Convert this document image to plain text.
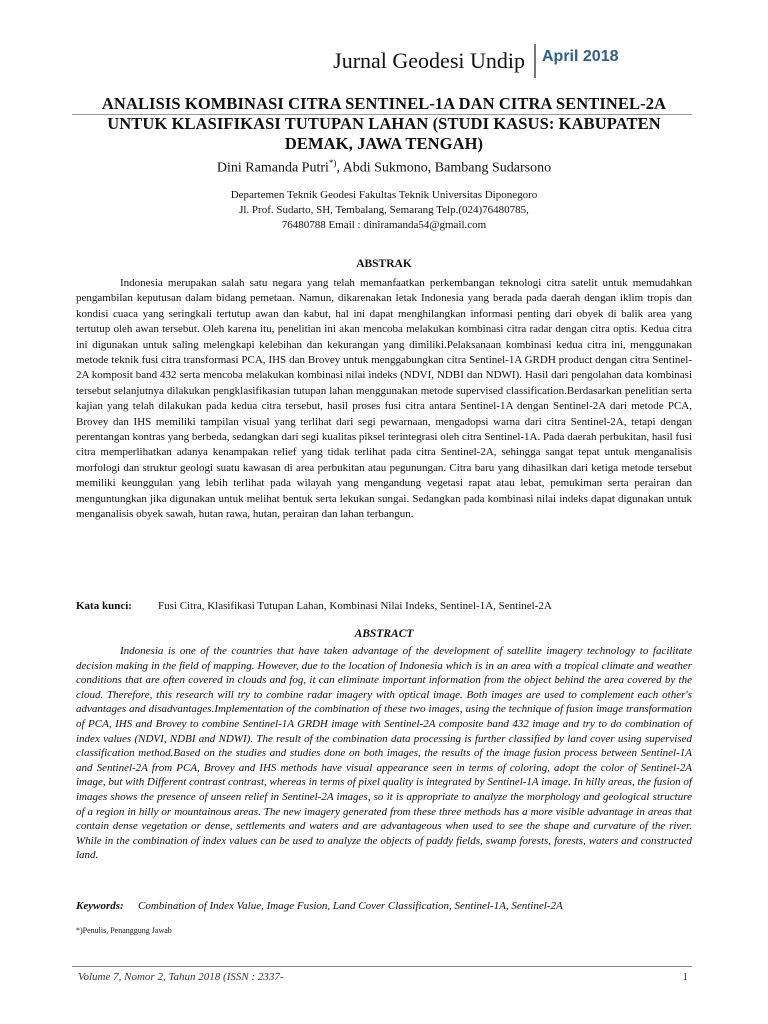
Jurnal Geodesi Undip April 2018
ANALISIS KOMBINASI CITRA SENTINEL-1A DAN CITRA SENTINEL-2A UNTUK KLASIFIKASI TUTUPAN LAHAN (STUDI KASUS: KABUPATEN DEMAK, JAWA TENGAH)
Dini Ramanda Putri*), Abdi Sukmono, Bambang Sudarsono
Departemen Teknik Geodesi Fakultas Teknik Universitas Diponegoro
Jl. Prof. Sudarto, SH, Tembalang, Semarang Telp.(024)76480785,
76480788 Email : diniramanda54@gmail.com
ABSTRAK
Indonesia merupakan salah satu negara yang telah memanfaatkan perkembangan teknologi citra satelit untuk memudahkan pengambilan keputusan dalam bidang pemetaan. Namun, dikarenakan letak Indonesia yang berada pada daerah dengan iklim tropis dan kondisi cuaca yang seringkali tertutup awan dan kabut, hal ini dapat menghilangkan informasi penting dari obyek di balik area yang tertutup oleh awan tersebut. Oleh karena itu, penelitian ini akan mencoba melakukan kombinasi citra radar dengan citra optis. Kedua citra ini digunakan untuk saling melengkapi kelebihan dan kekurangan yang dimiliki.Pelaksanaan kombinasi kedua citra ini, menggunakan metode teknik fusi citra transformasi PCA, IHS dan Brovey untuk menggabungkan citra Sentinel-1A GRDH product dengan citra Sentinel-2A komposit band 432 serta mencoba melakukan kombinasi nilai indeks (NDVI, NDBI dan NDWI). Hasil dari pengolahan data kombinasi tersebut selanjutnya dilakukan pengklasifikasian tutupan lahan menggunakan metode supervised classification.Berdasarkan penelitian serta kajian yang telah dilakukan pada kedua citra tersebut, hasil proses fusi citra antara Sentinel-1A dengan Sentinel-2A dari metode PCA, Brovey dan IHS memiliki tampilan visual yang terlihat dari segi pewarnaan, mengadopsi warna dari citra Sentinel-2A, tetapi dengan perentangan kontras yang berbeda, sedangkan dari segi kualitas piksel terintegrasi oleh citra Sentinel-1A. Pada daerah perbukitan, hasil fusi citra memperlihatkan adanya kenampakan relief yang tidak terlihat pada citra Sentinel-2A, sehingga sangat tepat untuk menganalisis morfologi dan struktur geologi suatu kawasan di area perbukitan atau pegunungan. Citra baru yang dihasilkan dari ketiga metode tersebut memiliki keunggulan yang lebih terlihat pada wilayah yang mengandung vegetasi rapat atau lebat, pemukiman serta perairan dan menguntungkan jika digunakan untuk melihat bentuk serta lekukan sungai. Sedangkan pada kombinasi nilai indeks dapat digunakan untuk menganalisis obyek sawah, hutan rawa, hutan, perairan dan lahan terbangun.
Kata kunci: Fusi Citra, Klasifikasi Tutupan Lahan, Kombinasi Nilai Indeks, Sentinel-1A, Sentinel-2A
ABSTRACT
Indonesia is one of the countries that have taken advantage of the development of satellite imagery technology to facilitate decision making in the field of mapping. However, due to the location of Indonesia which is in an area with a tropical climate and weather conditions that are often covered in clouds and fog, it can eliminate important information from the object behind the area covered by the cloud. Therefore, this research will try to combine radar imagery with optical image. Both images are used to complement each other's advantages and disadvantages.Implementation of the combination of these two images, using the technique of fusion image transformation of PCA, IHS and Brovey to combine Sentinel-1A GRDH image with Sentinel-2A composite band 432 image and try to do combination of index values (NDVI, NDBI and NDWI). The result of the combination data processing is further classified by land cover using supervised classification method.Based on the studies and studies done on both images, the results of the image fusion process between Sentinel-1A and Sentinel-2A from PCA, Brovey and IHS methods have visual appearance seen in terms of coloring, adopt the color of Sentinel-2A image, but with Different contrast contrast, whereas in terms of pixel quality is integrated by Sentinel-1A image. In hilly areas, the fusion of images shows the presence of unseen relief in Sentinel-2A images, so it is appropriate to analyze the morphology and geological structure of a region in hilly or mountainous areas. The new imagery generated from these three methods has a more visible advantage in areas that contain dense vegetation or dense, settlements and waters and are advantageous when used to see the shape and curvature of the river. While in the combination of index values can be used to analyze the objects of paddy fields, swamp forests, forests, waters and constructed land.
Keywords: Combination of Index Value, Image Fusion, Land Cover Classification, Sentinel-1A, Sentinel-2A
*)Penulis, Penanggung Jawab
Volume 7, Nomor 2, Tahun 2018 (ISSN : 2337-	1
